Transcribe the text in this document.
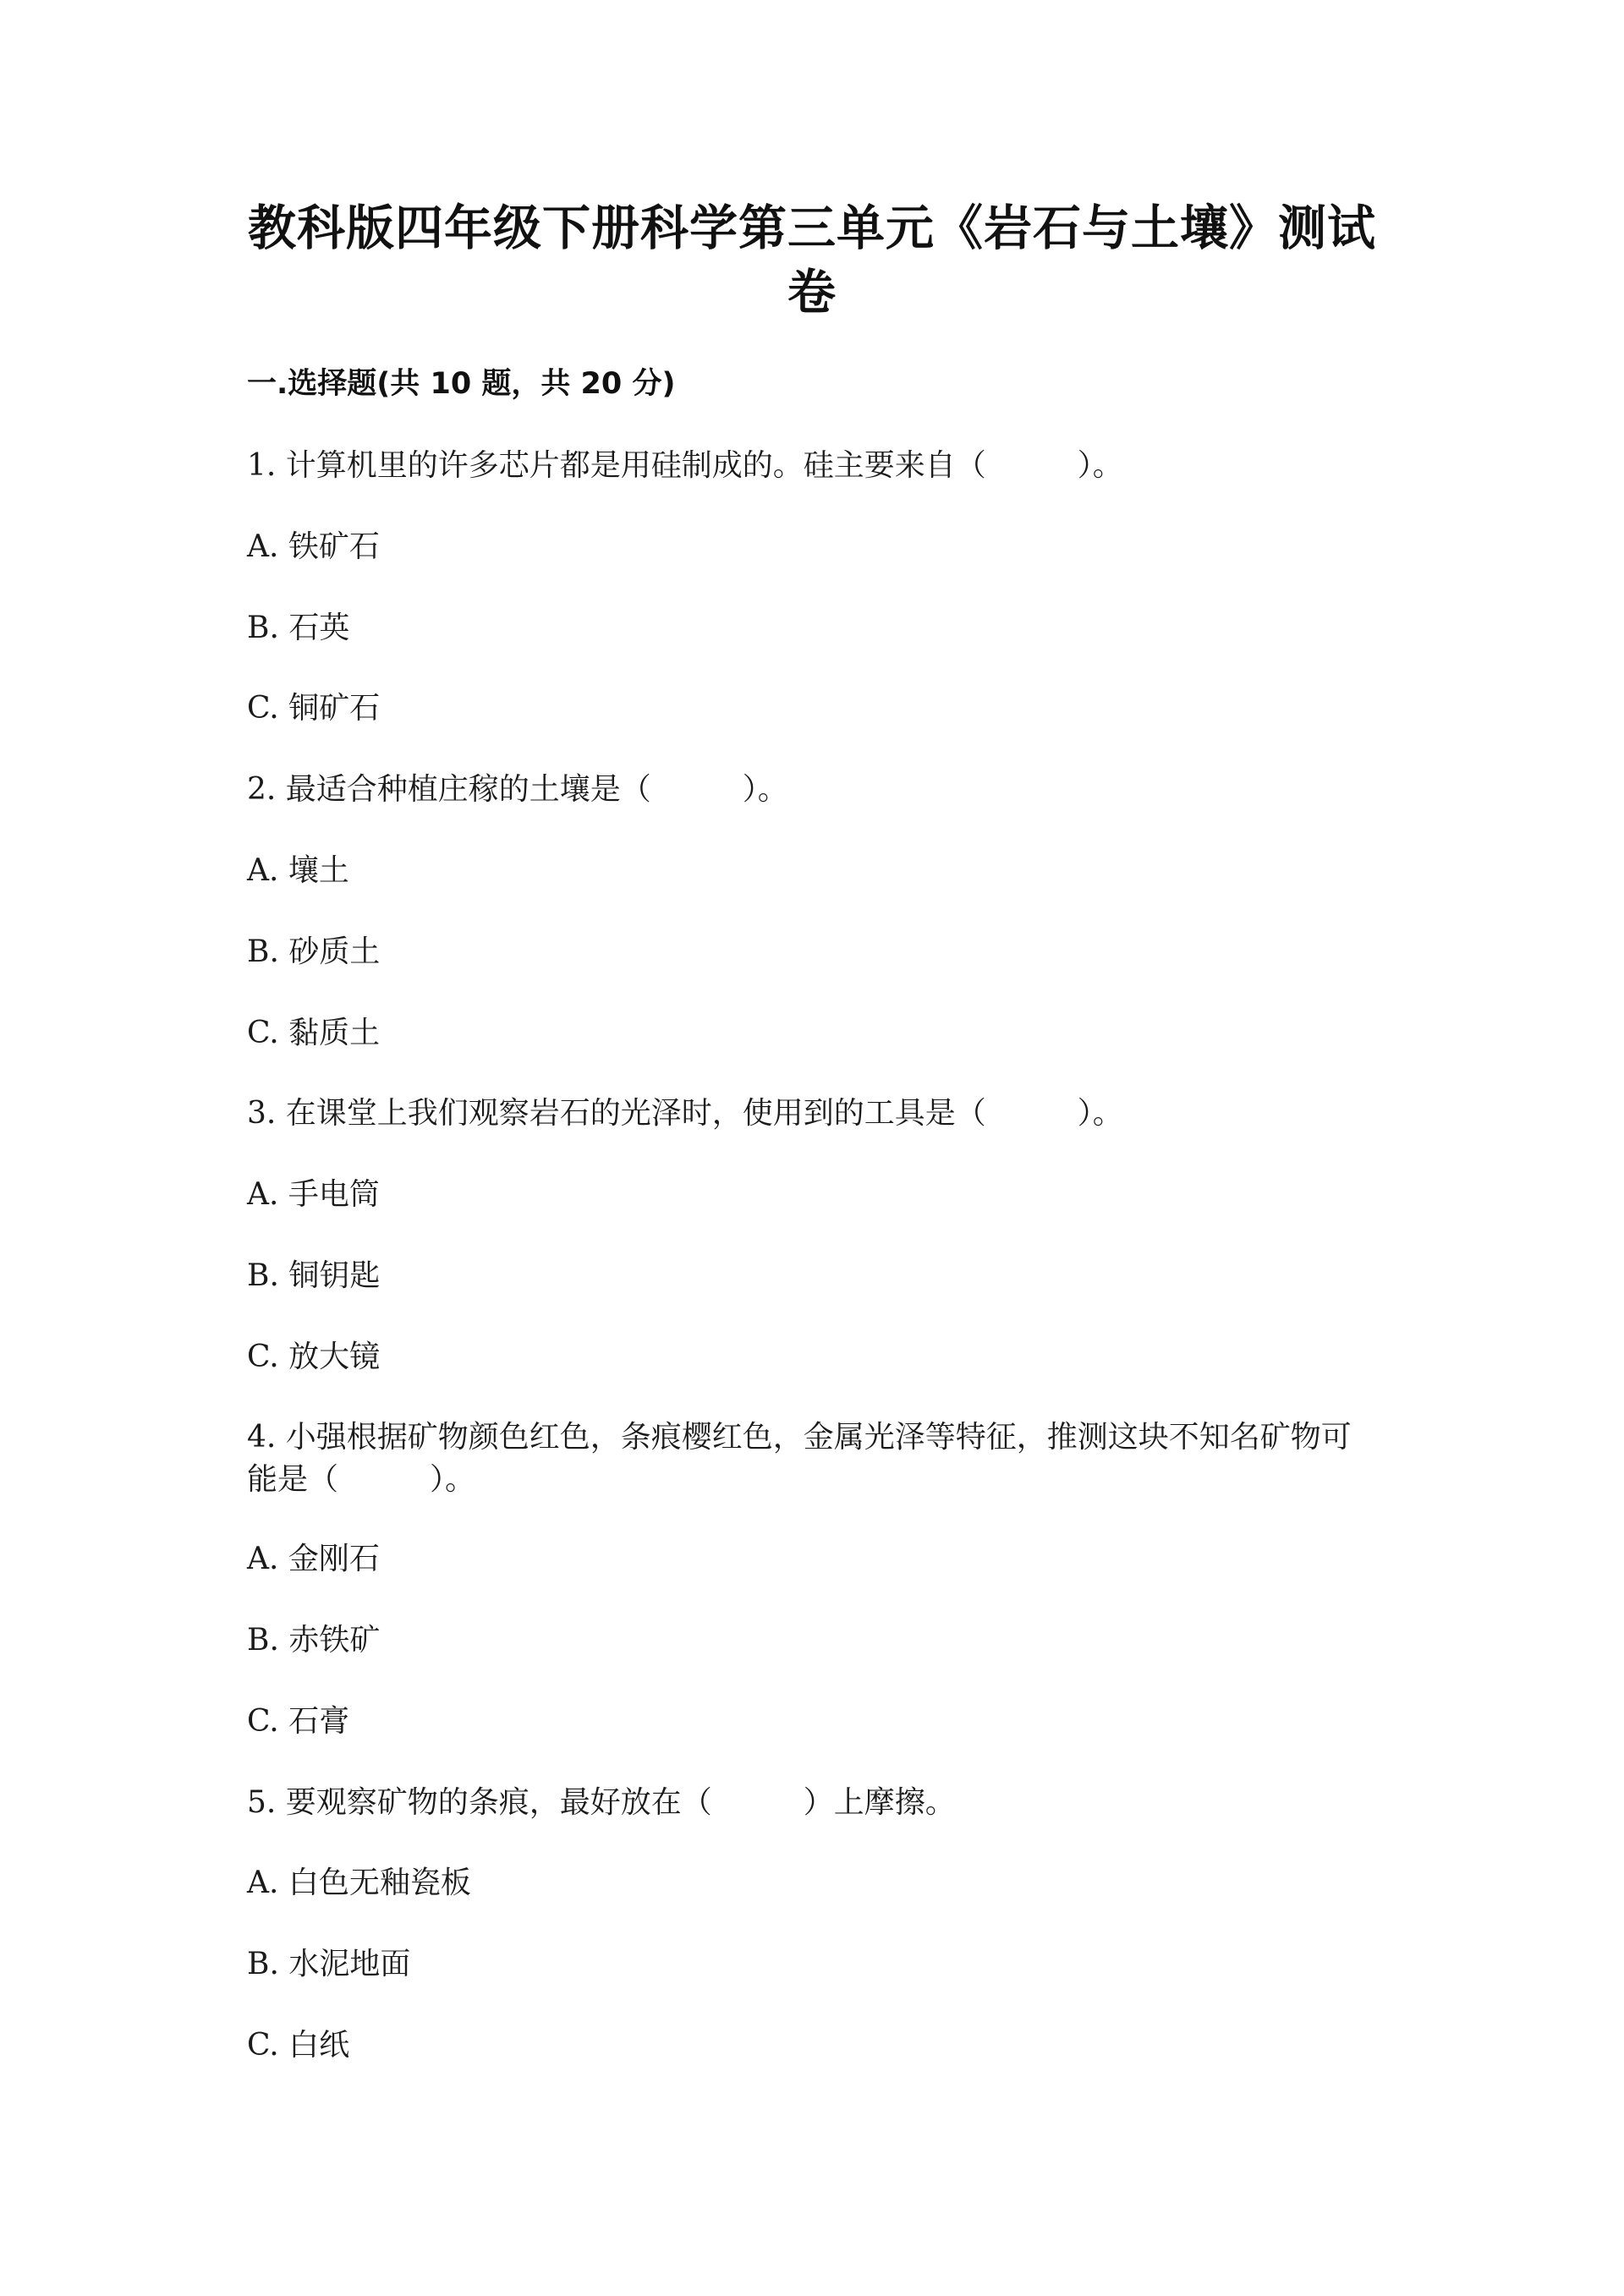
教科版四年级下册科学第三单元《岩石与土壤》测试卷
一.选择题(共 10 题，共 20 分)
1. 计算机里的许多芯片都是用硅制成的。硅主要来自（　　　）。
A. 铁矿石
B. 石英
C. 铜矿石
2. 最适合种植庄稼的土壤是（　　　）。
A. 壤土
B. 砂质土
C. 黏质土
3. 在课堂上我们观察岩石的光泽时，使用到的工具是（　　　）。
A. 手电筒
B. 铜钥匙
C. 放大镜
4. 小强根据矿物颜色红色，条痕樱红色，金属光泽等特征，推测这块不知名矿物可能是（　　　）。
A. 金刚石
B. 赤铁矿
C. 石膏
5. 要观察矿物的条痕，最好放在（　　　）上摩擦。
A. 白色无釉瓷板
B. 水泥地面
C. 白纸
